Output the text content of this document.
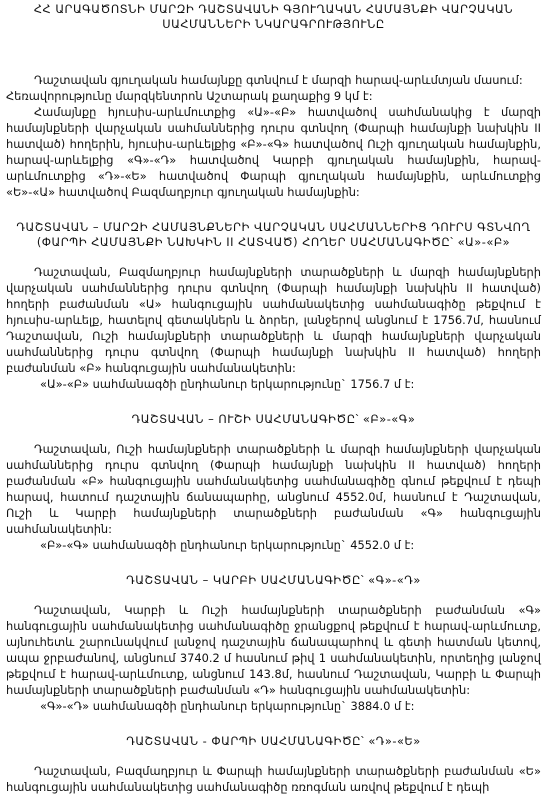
ՀՀ ԱՐԱԳԱԾՈՏՆԻ ՄԱՐԶԻ ԴԱՇՏԱՎԱՆԻ ԳՅՈՒՂԱԿԱՆ ՀԱՄԱՅՆՔԻ ՎԱՐՉԱԿԱՆ
ՍԱՀՄԱՆՆԵՐԻ ՆԿԱՐԱԳՐՈՒԹՅՈՒՆԸ

Դաշտավան գյուղական համայնքը գտնվում է մարզի հարավ-արևմտյան մասում:

Հեռավորությունը մարզկենտրոն Աշտարակ քաղաքից 9 կմ է:

Համայնքը հյուսիս-արևմուտքից «Ա»-«Բ» հատվածով սահմանակից է մարզի համայնքների վարչական սահմաններից դուրս գտնվող (Փարպի համայնքի նախկին II հատված) հողերին, հյուսիս-արևելքից «Բ»-«Գ» հատվածով Ուշի գյուղական համայնքին, հարավ-արևելքից «Գ»-«Դ» հատվածով Կարբի գյուղական համայնքին, հարավ-արևմուտքից «Դ»-«Ե» հատվածով Փարպի գյուղական համայնքին, արևմուտքից «Ե»-«Ա» հատվածով Բազմաղբյուր գյուղական համայնքին:

ԴԱՇՏԱՎԱՆ – ՄԱՐԶԻ ՀԱՄԱՅՆՔՆԵՐԻ ՎԱՐՉԱԿԱՆ ՍԱՀՄԱՆՆԵՐԻՑ ԴՈՒՐՍ ԳՏՆՎՈՂ
(ՓԱՐՊԻ ՀԱՄԱՅՆՔԻ ՆԱԽԿԻՆ II ՀԱՏՎԱԾ) ՀՈՂԵՐ ՍԱՀՄԱՆԱԳԻԾԸ՝ «Ա»-«Բ»

Դաշտավան, Բազմաղբյուր համայնքների տարածքների և մարզի համայնքների վարչական սահմաններից դուրս գտնվող (Փարպի համայնքի նախկին II հատված) հողերի բաժանման «Ա» հանգուցային սահմանակետից սահմանագիծը թեքվում է հյուսիս-արևելք, հատելով գետակներն և ձորեր, լանջերով անցնում է 1756.7մ, հասնում Դաշտավան, Ուշի համայնքների տարածքների և մարզի համայնքների վարչական սահմաններից դուրս գտնվող (Փարպի համայնքի նախկին II հատված) հողերի բաժանման «Բ» հանգուցային սահմանակետին:

«Ա»-«Բ» սահմանագծի ընդհանուր երկարությունը` 1756.7 մ է:

ԴԱՇՏԱՎԱՆ – ՈՒՇԻ ՍԱՀՄԱՆԱԳԻԾԸ՝ «Բ»-«Գ»

Դաշտավան, Ուշի համայնքների տարածքների և մարզի համայնքների վարչական սահմաններից դուրս գտնվող (Փարպի համայնքի նախկին II հատված) հողերի բաժանման «Բ» հանգուցային սահմանակետից սահմանագիծը գնում թեքվում է դեպի հարավ, հատում դաշտային ճանապարհը, անցնում 4552.0մ, հասնում է Դաշտավան, Ուշի և Կարբի համայնքների տարածքների բաժանման «Գ» հանգուցային սահմանակետին:

«Բ»-«Գ» սահմանագծի ընդհանուր երկարությունը` 4552.0 մ է:

ԴԱՇՏԱՎԱՆ – ԿԱՐԲԻ ՍԱՀՄԱՆԱԳԻԾԸ՝ «Գ»-«Դ»

Դաշտավան, Կարբի և Ուշի համայնքների տարածքների բաժանման «Գ» հանգուցային սահմանակետից սահմանագիծը ջրանցքով թեքվում է հարավ-արևմուտք, այնուհետև շարունակվում լանջով դաշտային ճանապարհով և գետի հատման կետով, ապա ջրբաժանով, անցնում 3740.2 մ հասնում թիվ 1 սահմանակետին, որտեղից լանջով թեքվում է հարավ-արևմուտք, անցնում 143.8մ, հասնում Դաշտավան, Կարբի և Փարպի համայնքների տարածքների բաժանման «Դ» հանգուցային սահմանակետին:

«Գ»-«Դ» սահմանագծի ընդհանուր երկարությունը` 3884.0 մ է:

ԴԱՇՏԱՎԱՆ - ՓԱՐՊԻ ՍԱՀՄԱՆԱԳԻԾԸ՝ «Դ»-«Ե»

Դաշտավան, Բազմաղբյուր և Փարպի համայնքների տարածքների բաժանման «Ե» հանգուցային սահմանակետից սահմանագիծը ռռոգման առվով թեքվում է դեպի
